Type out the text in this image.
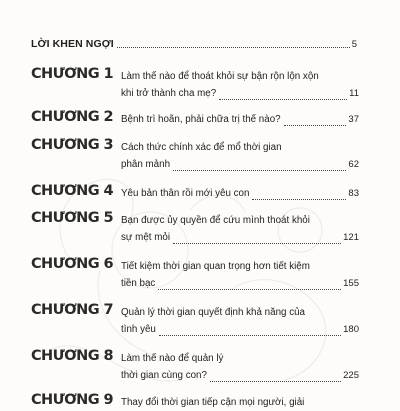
LỜI KHEN NGỢI	5
CHƯƠNG 1 Làm thế nào để thoát khỏi sự bận rộn lộn xộn
khi trở thành cha mẹ?	11
CHƯƠNG 2 Bệnh trì hoãn, phải chữa trị thế nào?	37
CHƯƠNG 3 Cách thức chính xác để mổ thời gian
phân mảnh	62
CHƯƠNG 4 Yêu bản thân rồi mới yêu con	83
CHƯƠNG 5 Bạn được ủy quyền để cứu mình thoát khỏi
sự mệt mỏi	121
CHƯƠNG 6 Tiết kiệm thời gian quan trọng hơn tiết kiệm
tiền bạc	155
CHƯƠNG 7 Quản lý thời gian quyết định khả năng của
tình yêu	180
CHƯƠNG 8 Làm thế nào để quản lý
thời gian cùng con?	225
CHƯƠNG 9 Thay đổi thời gian tiếp cận mọi người, giải
